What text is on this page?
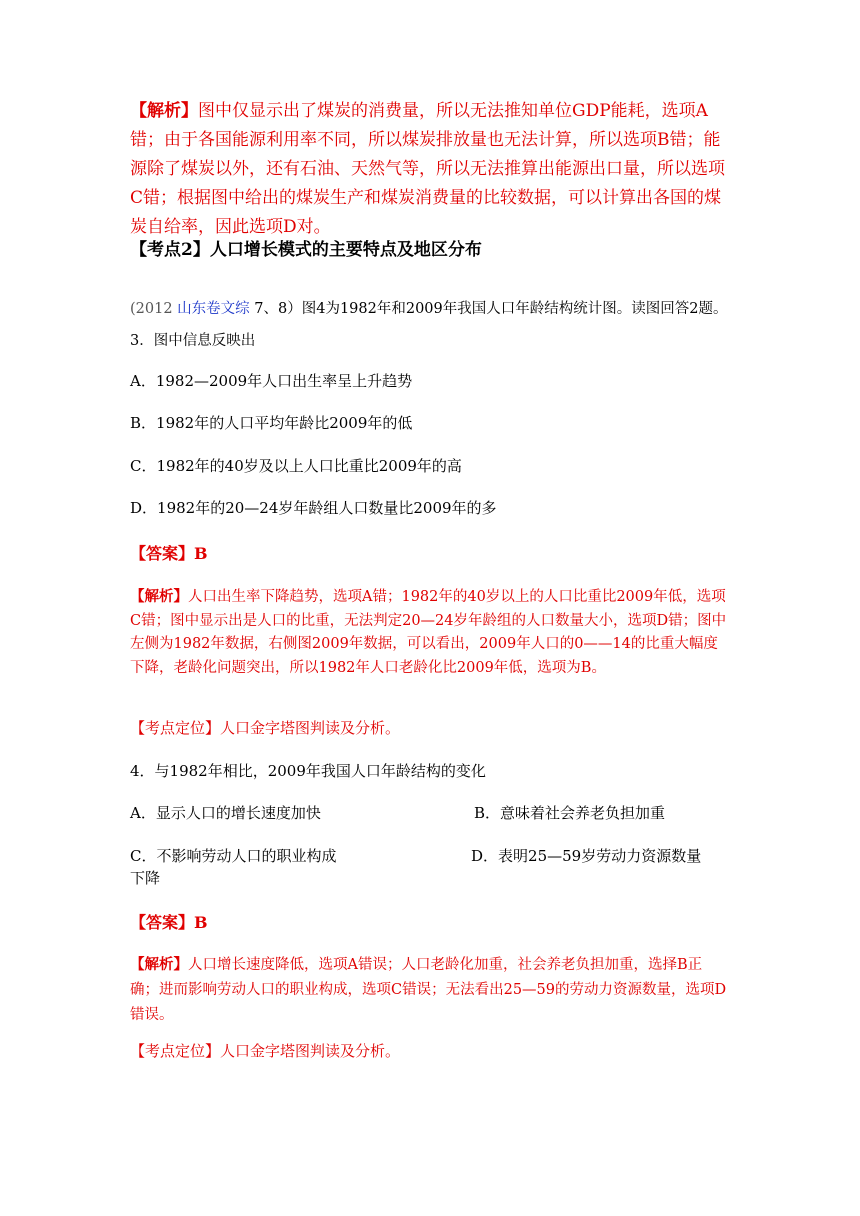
【解析】图中仅显示出了煤炭的消费量，所以无法推知单位GDP能耗，选项A错；由于各国能源利用率不同，所以煤炭排放量也无法计算，所以选项B错；能源除了煤炭以外，还有石油、天然气等，所以无法推算出能源出口量，所以选项C错；根据图中给出的煤炭生产和煤炭消费量的比较数据，可以计算出各国的煤炭自给率，因此选项D对。

【考点2】人口增长模式的主要特点及地区分布

(2012 山东卷文综 7、8）图4为1982年和2009年我国人口年龄结构统计图。读图回答2题。3．图中信息反映出

A．1982—2009年人口出生率呈上升趋势
B．1982年的人口平均年龄比2009年的低
C．1982年的40岁及以上人口比重比2009年的高
D．1982年的20—24岁年龄组人口数量比2009年的多
【答案】B

【解析】人口出生率下降趋势，选项A错；1982年的40岁以上的人口比重比2009年低，选项C错；图中显示出是人口的比重，无法判定20—24岁年龄组的人口数量大小，选项D错；图中左侧为1982年数据，右侧图2009年数据，可以看出，2009年人口的0——14的比重大幅度下降，老龄化问题突出，所以1982年人口老龄化比2009年低，选项为B。

【考点定位】人口金字塔图判读及分析。
4．与1982年相比，2009年我国人口年龄结构的变化
A．显示人口的增长速度加快	B．意味着社会养老负担加重
C．不影响劳动人口的职业构成	D．表明25—59岁劳动力资源数量
下降
【答案】B

【解析】人口增长速度降低，选项A错误；人口老龄化加重，社会养老负担加重，选择B正确；进而影响劳动人口的职业构成，选项C错误；无法看出25—59的劳动力资源数量，选项D错误。

【考点定位】人口金字塔图判读及分析。
